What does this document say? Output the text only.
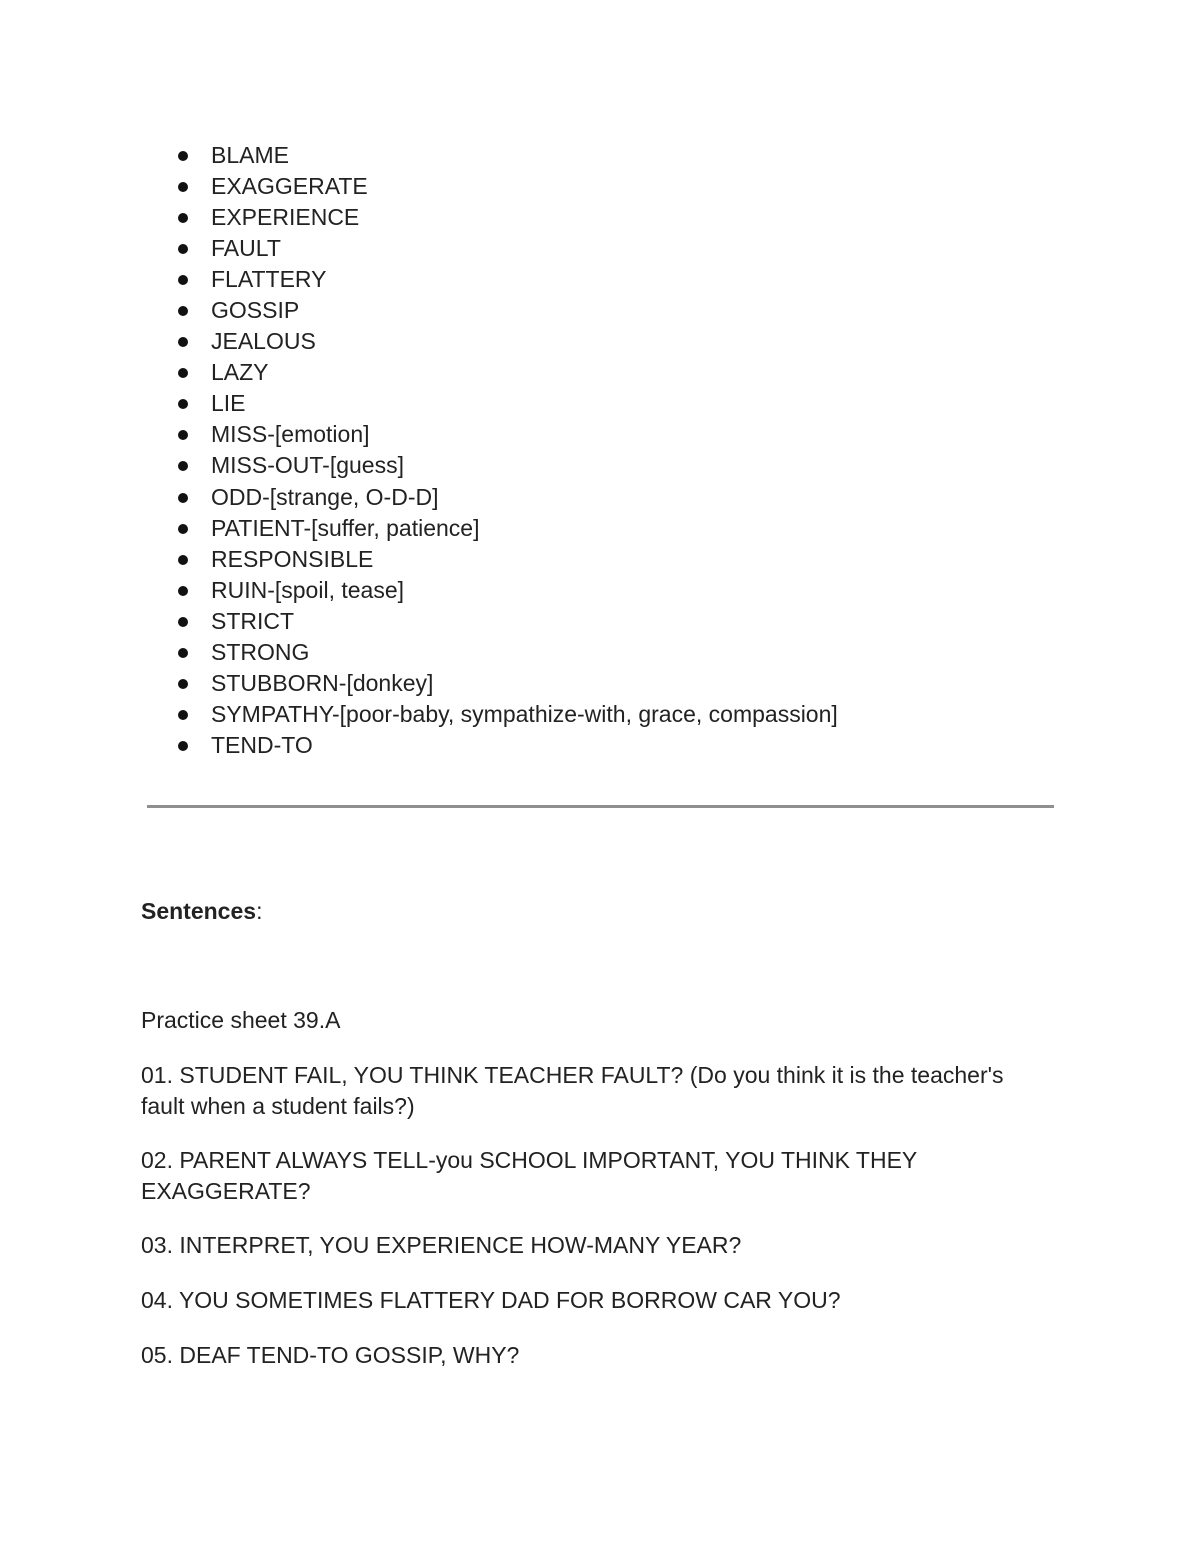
BLAME
EXAGGERATE
EXPERIENCE
FAULT
FLATTERY
GOSSIP
JEALOUS
LAZY
LIE
MISS-[emotion]
MISS-OUT-[guess]
ODD-[strange, O-D-D]
PATIENT-[suffer, patience]
RESPONSIBLE
RUIN-[spoil, tease]
STRICT
STRONG
STUBBORN-[donkey]
SYMPATHY-[poor-baby, sympathize-with, grace, compassion]
TEND-TO
Sentences:
Practice sheet 39.A

01. STUDENT FAIL, YOU THINK TEACHER FAULT? (Do you think it is the teacher's fault when a student fails?)

02. PARENT ALWAYS TELL-you SCHOOL IMPORTANT, YOU THINK THEY EXAGGERATE?

03. INTERPRET, YOU EXPERIENCE HOW-MANY YEAR?

04. YOU SOMETIMES FLATTERY DAD FOR BORROW CAR YOU?

05. DEAF TEND-TO GOSSIP, WHY?
